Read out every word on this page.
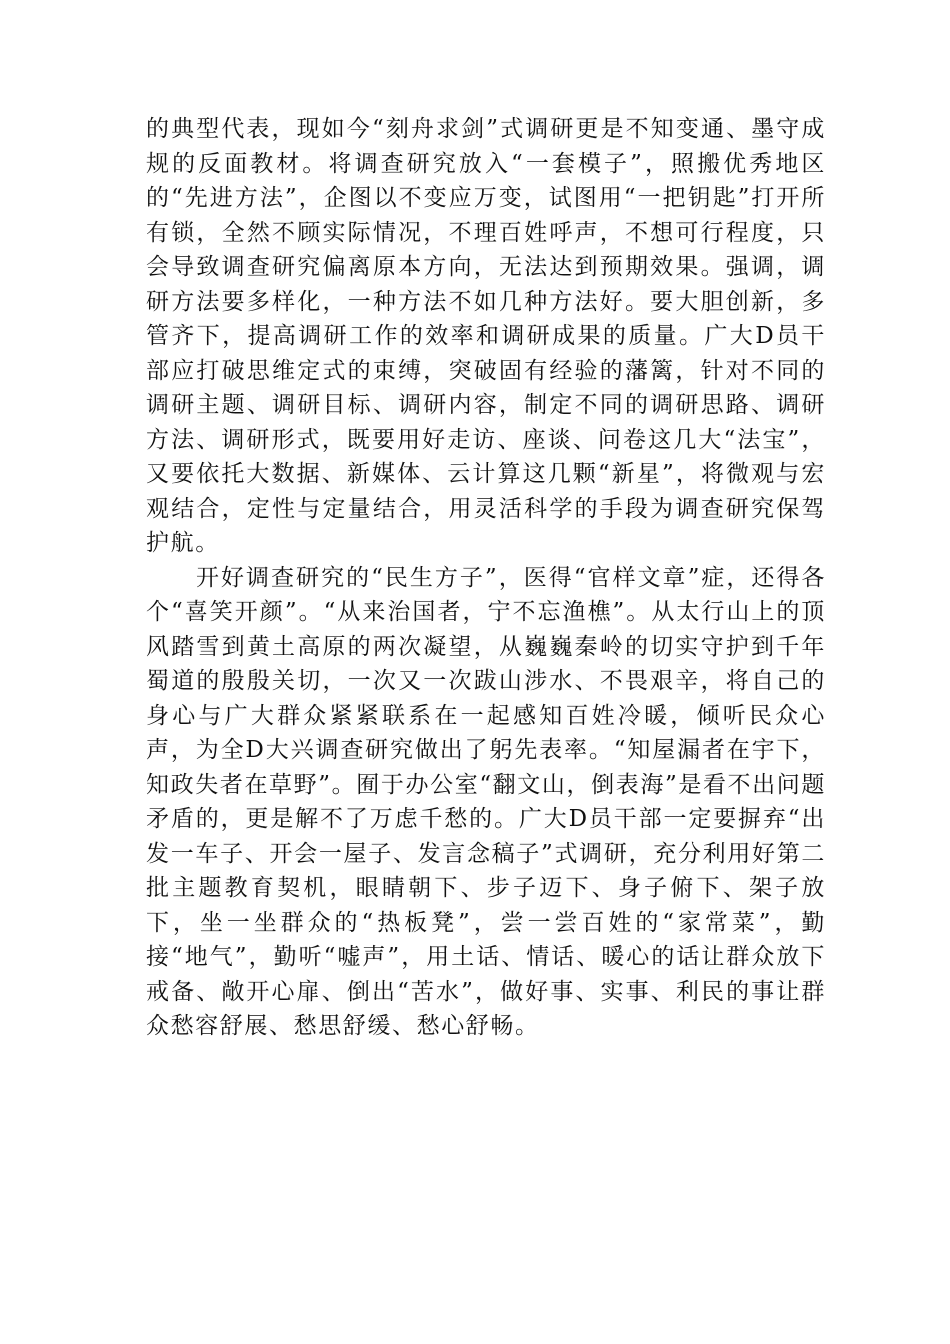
的典型代表，现如今“刻舟求剑”式调研更是不知变通、墨守成规的反面教材。将调查研究放入“一套模子”，照搬优秀地区的“先进方法”，企图以不变应万变，试图用“一把钥匙”打开所有锁，全然不顾实际情况，不理百姓呼声，不想可行程度，只会导致调查研究偏离原本方向，无法达到预期效果。强调，调研方法要多样化，一种方法不如几种方法好。要大胆创新，多管齐下，提高调研工作的效率和调研成果的质量。广大D员干部应打破思维定式的束缚，突破固有经验的藩篱，针对不同的调研主题、调研目标、调研内容，制定不同的调研思路、调研方法、调研形式，既要用好走访、座谈、问卷这几大“法宝”，又要依托大数据、新媒体、云计算这几颗“新星”，将微观与宏观结合，定性与定量结合，用灵活科学的手段为调查研究保驾护航。

开好调查研究的“民生方子”，医得“官样文章”症，还得各个“喜笑开颜”。“从来治国者，宁不忘渔樵”。从太行山上的顶风踏雪到黄土高原的两次凝望，从巍巍秦岭的切实守护到千年蜀道的殷殷关切，一次又一次跋山涉水、不畏艰辛，将自己的身心与广大群众紧紧联系在一起感知百姓冷暖，倾听民众心声，为全D大兴调查研究做出了躬先表率。“知屋漏者在宇下，知政失者在草野”。囿于办公室“翻文山，倒表海”是看不出问题矛盾的，更是解不了万虑千愁的。广大D员干部一定要摒弃“出发一车子、开会一屋子、发言念稿子”式调研，充分利用好第二批主题教育契机，眼睛朝下、步子迈下、身子俯下、架子放下，坐一坐群众的“热板凳”，尝一尝百姓的“家常菜”，勤接“地气”，勤听“嘘声”，用土话、情话、暖心的话让群众放下戒备、敞开心扉、倒出“苦水”，做好事、实事、利民的事让群众愁容舒展、愁思舒缓、愁心舒畅。
